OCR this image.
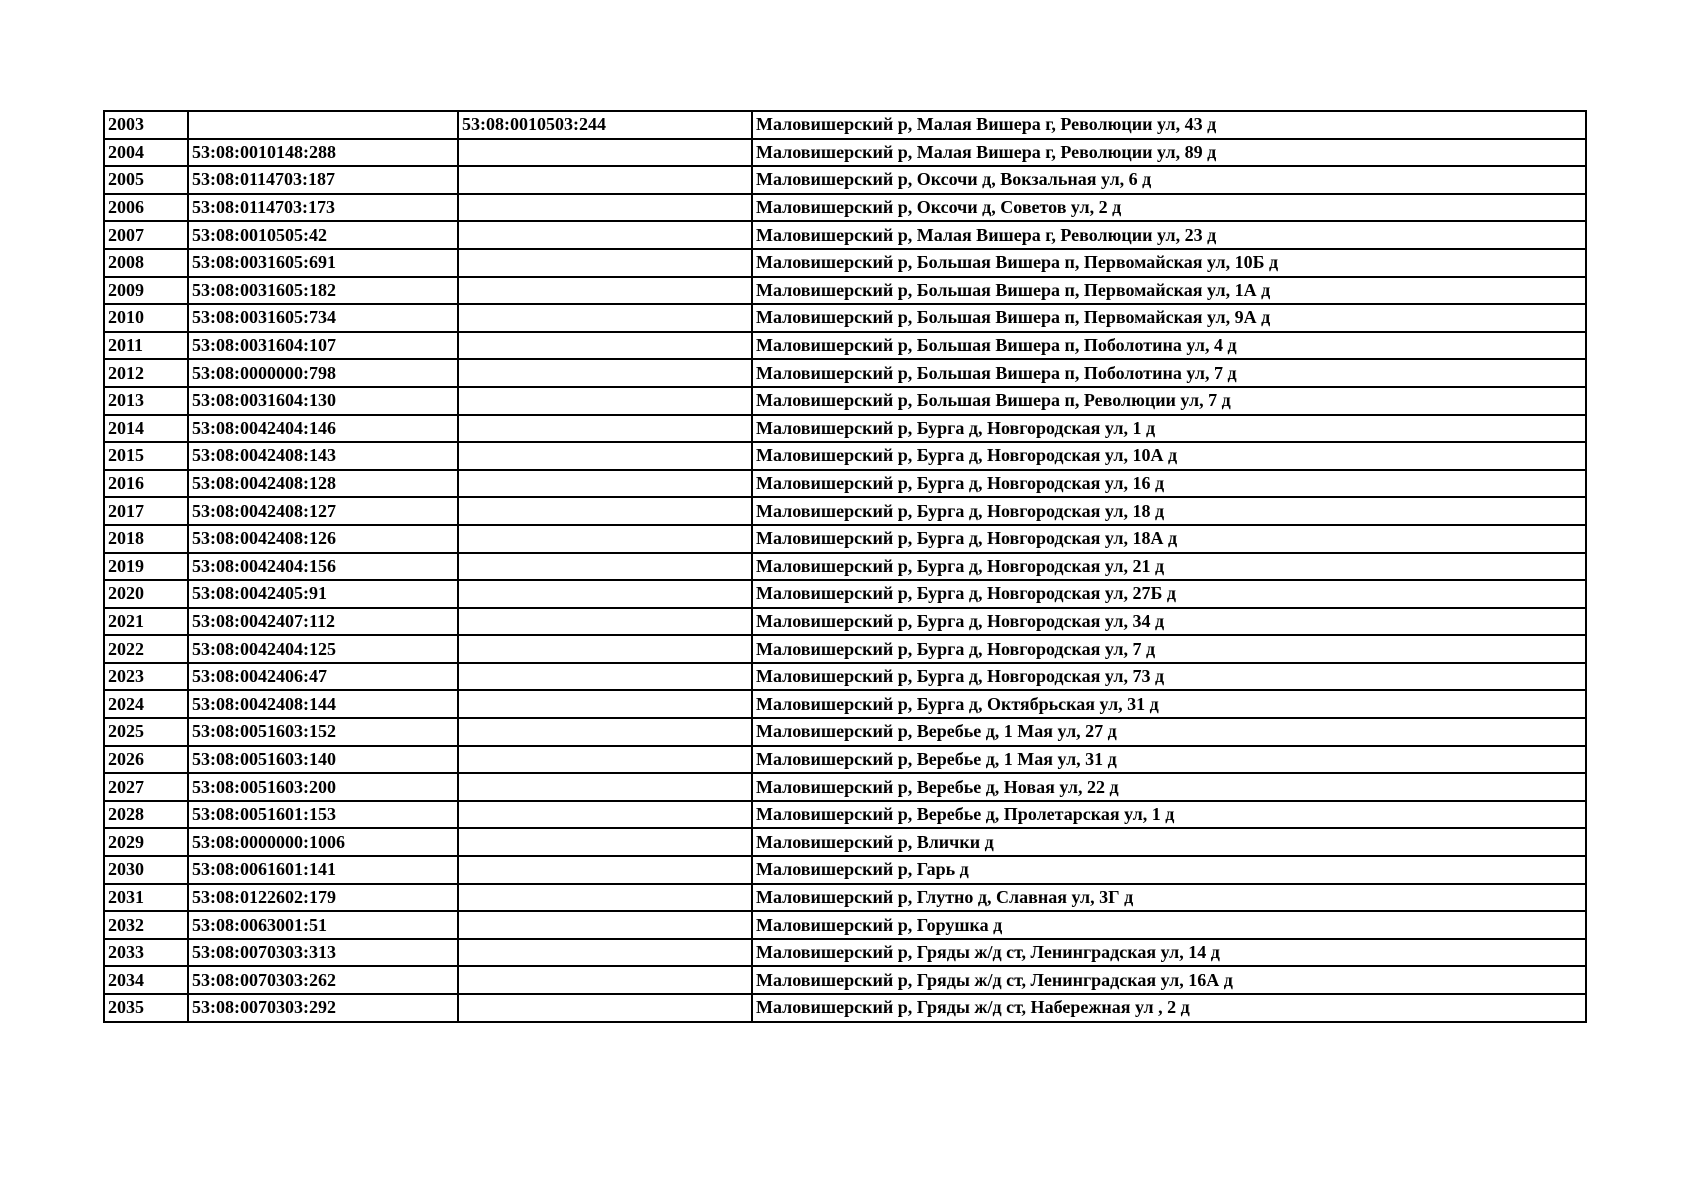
2003		53:08:0010503:244	Маловишерский р, Малая Вишера г, Революции ул, 43 д
2004	53:08:0010148:288		Маловишерский р, Малая Вишера г, Революции ул, 89 д
2005	53:08:0114703:187		Маловишерский р, Оксочи д, Вокзальная ул, 6 д
2006	53:08:0114703:173		Маловишерский р, Оксочи д, Советов ул, 2 д
2007	53:08:0010505:42		Маловишерский р, Малая Вишера г, Революции ул, 23 д
2008	53:08:0031605:691		Маловишерский р, Большая Вишера п, Первомайская ул, 10Б д
2009	53:08:0031605:182		Маловишерский р, Большая Вишера п, Первомайская ул, 1А д
2010	53:08:0031605:734		Маловишерский р, Большая Вишера п, Первомайская ул, 9А д
2011	53:08:0031604:107		Маловишерский р, Большая Вишера п, Поболотина ул, 4 д
2012	53:08:0000000:798		Маловишерский р, Большая Вишера п, Поболотина ул, 7 д
2013	53:08:0031604:130		Маловишерский р, Большая Вишера п, Революции ул, 7 д
2014	53:08:0042404:146		Маловишерский р, Бурга д, Новгородская ул, 1 д
2015	53:08:0042408:143		Маловишерский р, Бурга д, Новгородская ул, 10А д
2016	53:08:0042408:128		Маловишерский р, Бурга д, Новгородская ул, 16 д
2017	53:08:0042408:127		Маловишерский р, Бурга д, Новгородская ул, 18 д
2018	53:08:0042408:126		Маловишерский р, Бурга д, Новгородская ул, 18А д
2019	53:08:0042404:156		Маловишерский р, Бурга д, Новгородская ул, 21 д
2020	53:08:0042405:91		Маловишерский р, Бурга д, Новгородская ул, 27Б д
2021	53:08:0042407:112		Маловишерский р, Бурга д, Новгородская ул, 34 д
2022	53:08:0042404:125		Маловишерский р, Бурга д, Новгородская ул, 7 д
2023	53:08:0042406:47		Маловишерский р, Бурга д, Новгородская ул, 73 д
2024	53:08:0042408:144		Маловишерский р, Бурга д, Октябрьская ул, 31 д
2025	53:08:0051603:152		Маловишерский р, Веребье д, 1 Мая ул, 27 д
2026	53:08:0051603:140		Маловишерский р, Веребье д, 1 Мая ул, 31 д
2027	53:08:0051603:200		Маловишерский р, Веребье д, Новая ул, 22 д
2028	53:08:0051601:153		Маловишерский р, Веребье д, Пролетарская ул, 1 д
2029	53:08:0000000:1006		Маловишерский р, Влички д
2030	53:08:0061601:141		Маловишерский р, Гарь д
2031	53:08:0122602:179		Маловишерский р, Глутно д, Славная ул, 3Г д
2032	53:08:0063001:51		Маловишерский р, Горушка д
2033	53:08:0070303:313		Маловишерский р, Гряды ж/д ст, Ленинградская ул, 14 д
2034	53:08:0070303:262		Маловишерский р, Гряды ж/д ст, Ленинградская ул, 16А д
2035	53:08:0070303:292		Маловишерский р, Гряды ж/д ст, Набережная ул , 2 д
